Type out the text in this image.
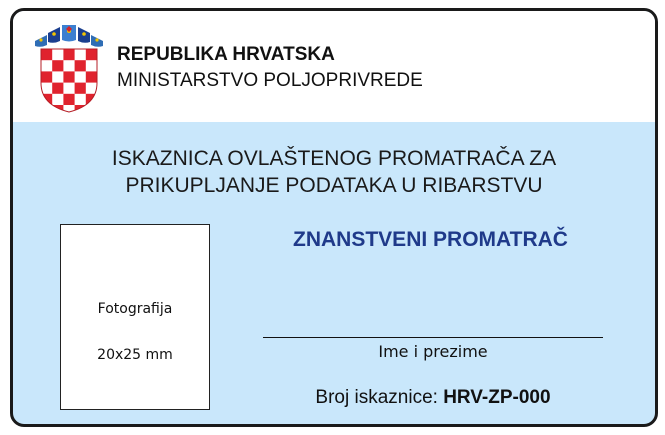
REPUBLIKA HRVATSKA
MINISTARSTVO POLJOPRIVREDE
ISKAZNICA OVLAŠTENOG PROMATRAČA ZA
PRIKUPLJANJE PODATAKA U RIBARSTVU
Fotografija
20x25 mm
ZNANSTVENI PROMATRAČ
Ime i prezime
Broj iskaznice: HRV-ZP-000
